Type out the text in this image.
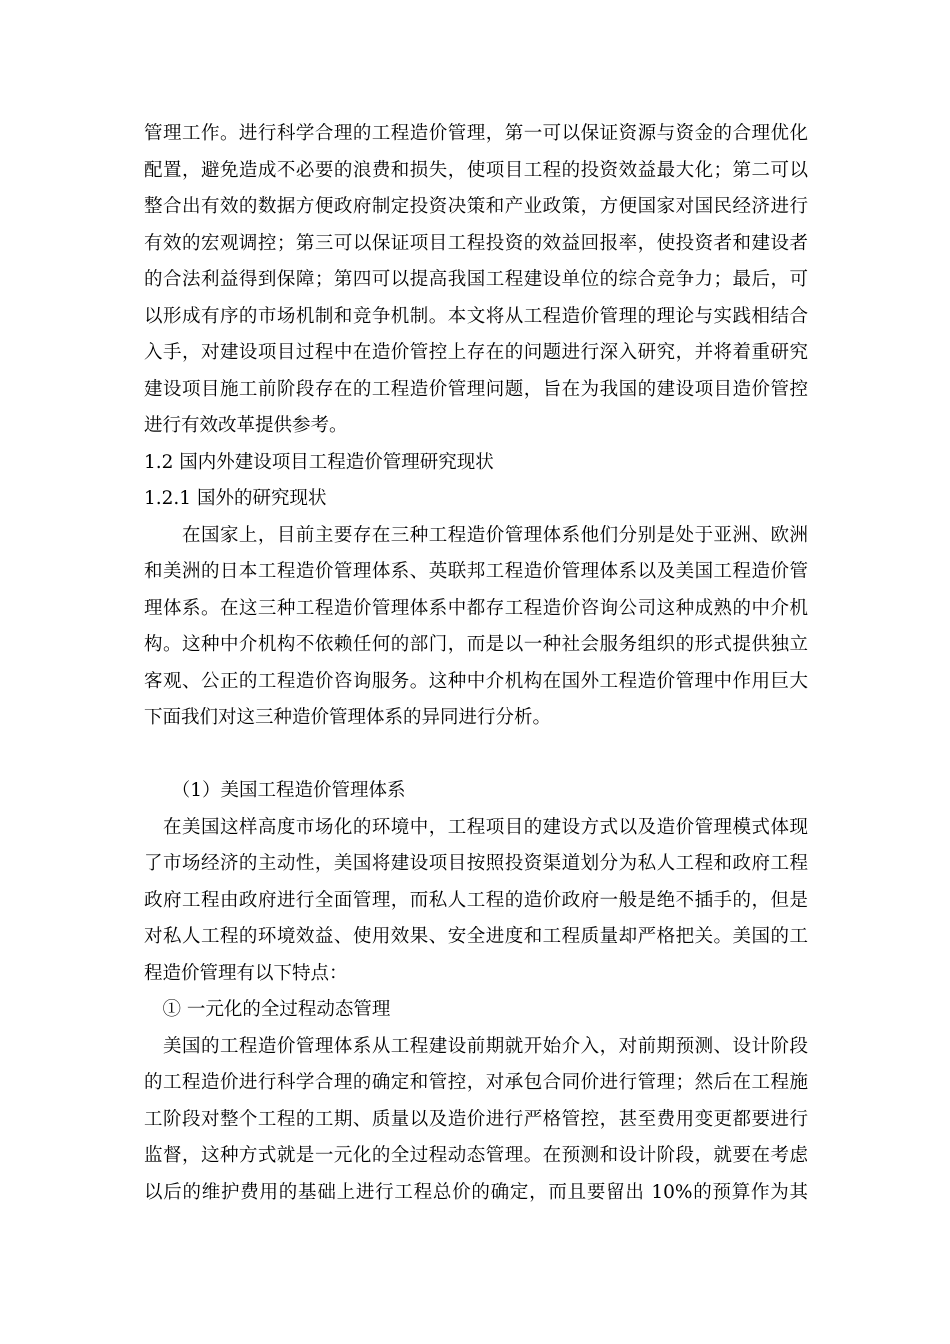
管理工作。进行科学合理的工程造价管理，第一可以保证资源与资金的合理优化
配置，避免造成不必要的浪费和损失，使项目工程的投资效益最大化；第二可以
整合出有效的数据方便政府制定投资决策和产业政策，方便国家对国民经济进行
有效的宏观调控；第三可以保证项目工程投资的效益回报率，使投资者和建设者
的合法利益得到保障；第四可以提高我国工程建设单位的综合竞争力；最后，可
以形成有序的市场机制和竞争机制。本文将从工程造价管理的理论与实践相结合
入手，对建设项目过程中在造价管控上存在的问题进行深入研究，并将着重研究
建设项目施工前阶段存在的工程造价管理问题，旨在为我国的建设项目造价管控
进行有效改革提供参考。
1.2 国内外建设项目工程造价管理研究现状
1.2.1 国外的研究现状
　　在国家上，目前主要存在三种工程造价管理体系他们分别是处于亚洲、欧洲
和美洲的日本工程造价管理体系、英联邦工程造价管理体系以及美国工程造价管
理体系。在这三种工程造价管理体系中都存工程造价咨询公司这种成熟的中介机
构。这种中介机构不依赖任何的部门，而是以一种社会服务组织的形式提供独立
客观、公正的工程造价咨询服务。这种中介机构在国外工程造价管理中作用巨大
下面我们对这三种造价管理体系的异同进行分析。
　　（1）美国工程造价管理体系
　在美国这样高度市场化的环境中，工程项目的建设方式以及造价管理模式体现
了市场经济的主动性，美国将建设项目按照投资渠道划分为私人工程和政府工程
政府工程由政府进行全面管理，而私人工程的造价政府一般是绝不插手的，但是
对私人工程的环境效益、使用效果、安全进度和工程质量却严格把关。美国的工
程造价管理有以下特点：
　① 一元化的全过程动态管理
　美国的工程造价管理体系从工程建设前期就开始介入，对前期预测、设计阶段
的工程造价进行科学合理的确定和管控，对承包合同价进行管理；然后在工程施
工阶段对整个工程的工期、质量以及造价进行严格管控，甚至费用变更都要进行
监督，这种方式就是一元化的全过程动态管理。在预测和设计阶段，就要在考虑
以后的维护费用的基础上进行工程总价的确定，而且要留出 10%的预算作为其
